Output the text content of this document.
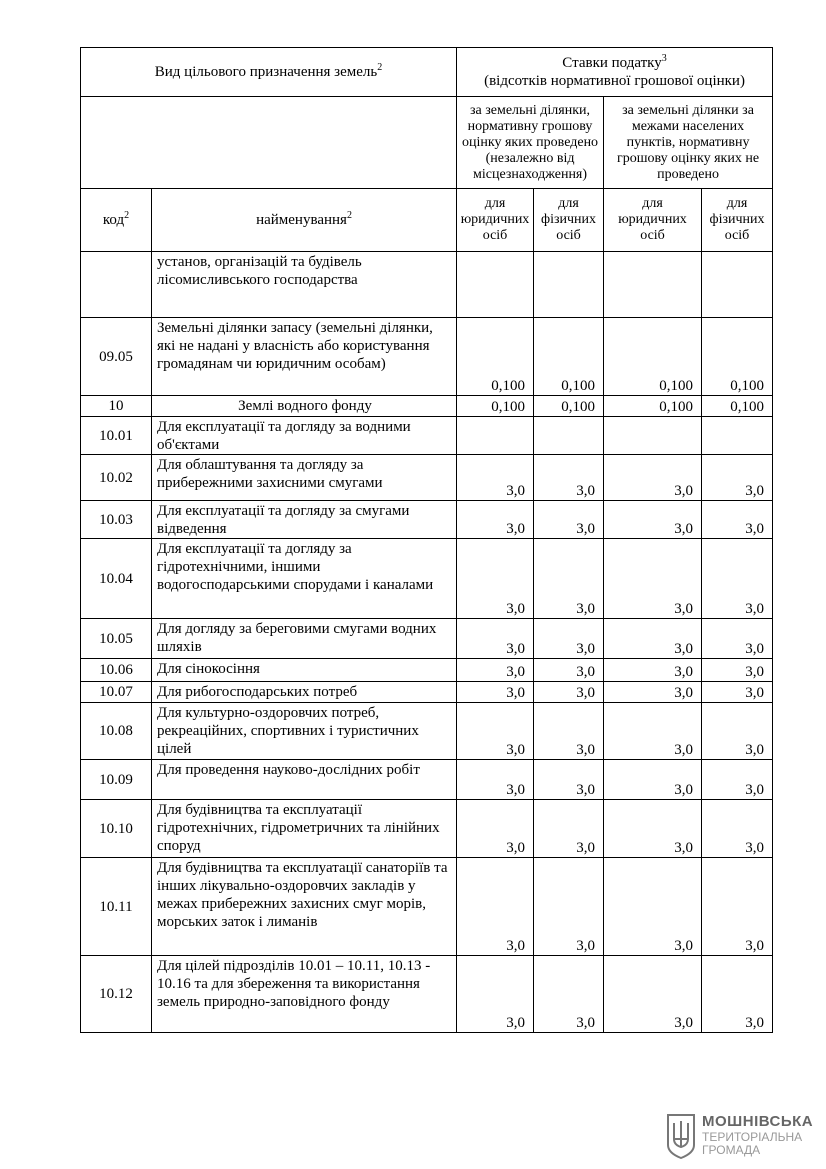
Вид цільового призначення земель$^2$		Ставки податку$^3$
(відсотків нормативної грошової оцінки)			
		за земельні ділянки, нормативну грошову оцінку яких проведено (незалежно від місцезнаходження)		за земельні ділянки за межами населених пунктів, нормативну грошову оцінку яких не проведено	
код$^2$	найменування$^2$	для юридичних осіб	для фізичних осіб	для юридичних осіб	для фізичних осіб
	установ, організацій та будівель лісомисливського господарства				
09.05	Земельні ділянки запасу (земельні ділянки, які не надані у власність або користування громадянам чи юридичним особам)	0,100	0,100	0,100	0,100
10	Землі водного фонду	0,100	0,100	0,100	0,100
10.01	Для експлуатації та догляду за водними об'єктами				
10.02	Для облаштування та догляду за прибережними захисними смугами	3,0	3,0	3,0	3,0
10.03	Для експлуатації та догляду за смугами відведення	3,0	3,0	3,0	3,0
10.04	Для експлуатації та догляду за гідротехнічними, іншими водогосподарськими спорудами і каналами	3,0	3,0	3,0	3,0
10.05	Для догляду за береговими смугами водних шляхів	3,0	3,0	3,0	3,0
10.06	Для сінокосіння	3,0	3,0	3,0	3,0
10.07	Для рибогосподарських потреб	3,0	3,0	3,0	3,0
10.08	Для культурно-оздоровчих потреб, рекреаційних, спортивних і туристичних цілей	3,0	3,0	3,0	3,0
10.09	Для проведення науково-дослідних робіт	3,0	3,0	3,0	3,0
10.10	Для будівництва та експлуатації гідротехнічних, гідрометричних та лінійних споруд	3,0	3,0	3,0	3,0
10.11	Для будівництва та експлуатації санаторіїв та інших лікувально-оздоровчих закладів у межах прибережних захисних смуг морів, морських заток і лиманів	3,0	3,0	3,0	3,0
10.12	Для цілей підрозділів 10.01 – 10.11, 10.13 - 10.16 та для збереження та використання земель природно-заповідного фонду	3,0	3,0	3,0	3,0
МОШНІВСЬКА
ТЕРИТОРІАЛЬНА
ГРОМАДА
